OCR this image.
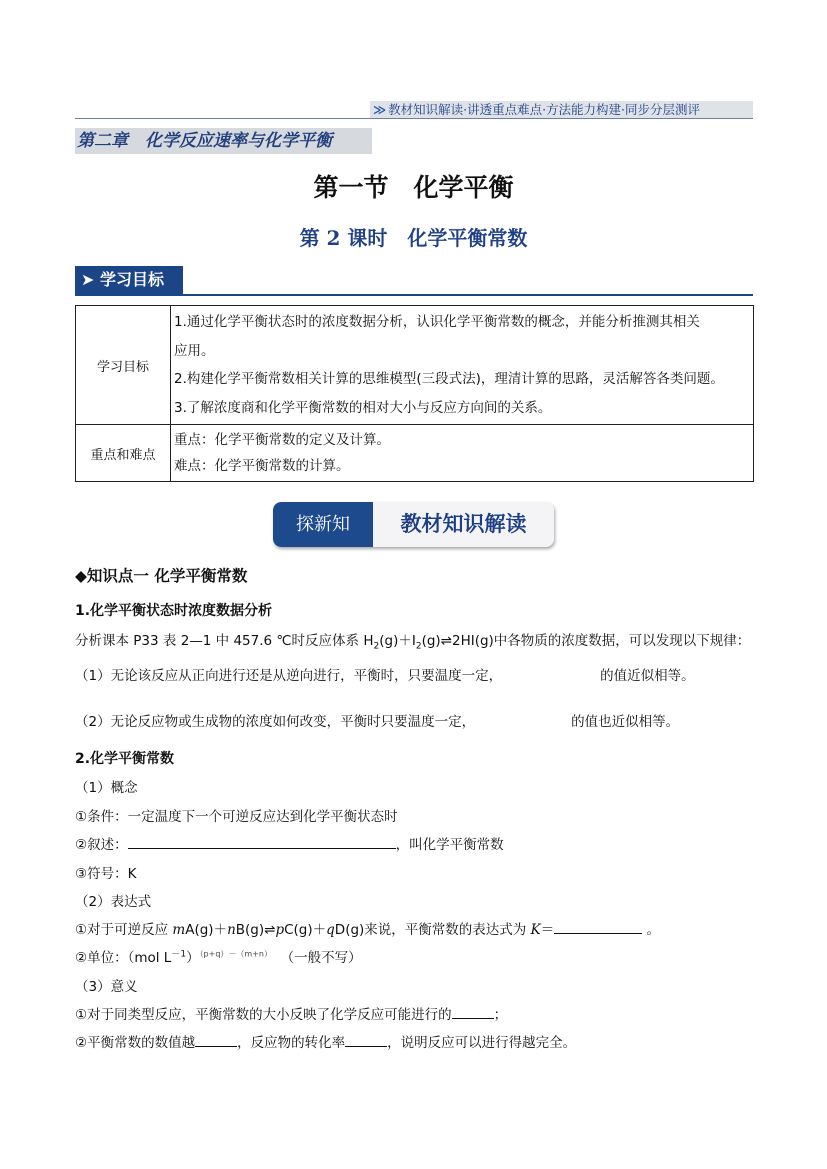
≫ 教材知识解读·讲透重点难点·方法能力构建·同步分层测评
第二章　化学反应速率与化学平衡
第一节　化学平衡
第 2 课时　化学平衡常数
➤ 学习目标
学习目标	1.通过化学平衡状态时的浓度数据分析，认识化学平衡常数的概念，并能分析推测其相关
应用。
2.构建化学平衡常数相关计算的思维模型(三段式法)，理清计算的思路，灵活解答各类问题。
3.了解浓度商和化学平衡常数的相对大小与反应方向间的关系。

重点和难点	重点：化学平衡常数的定义及计算。
难点：化学平衡常数的计算。
探新知	教材知识解读
◆知识点一 化学平衡常数
1.化学平衡状态时浓度数据分析
分析课本 P33 表 2—1 中 457.6 ℃时反应体系 $H_2(g)+I_2(g)\rightleftharpoons 2HI(g)$中各物质的浓度数据，可以发现以下规律：
（1）无论该反应从正向进行还是从逆向进行，平衡时，只要温度一定，	的值近似相等。
（2）无论反应物或生成物的浓度如何改变，平衡时只要温度一定，	的值也近似相等。
2.化学平衡常数
（1）概念
①条件：一定温度下一个可逆反应达到化学平衡状态时
②叙述：	，叫化学平衡常数
③符号：K
（2）表达式
①对于可逆反应 mA(g)＋nB(g)⇌pC(g)＋qD(g)来说，平衡常数的表达式为 K＝	。
②单位：（mol $L^{-1})^{(p+q)-(m+n)}$ （一般不写）
（3）意义
①对于同类型反应，平衡常数的大小反映了化学反应可能进行的	；
②平衡常数的数值越	，反应物的转化率	，说明反应可以进行得越完全。
